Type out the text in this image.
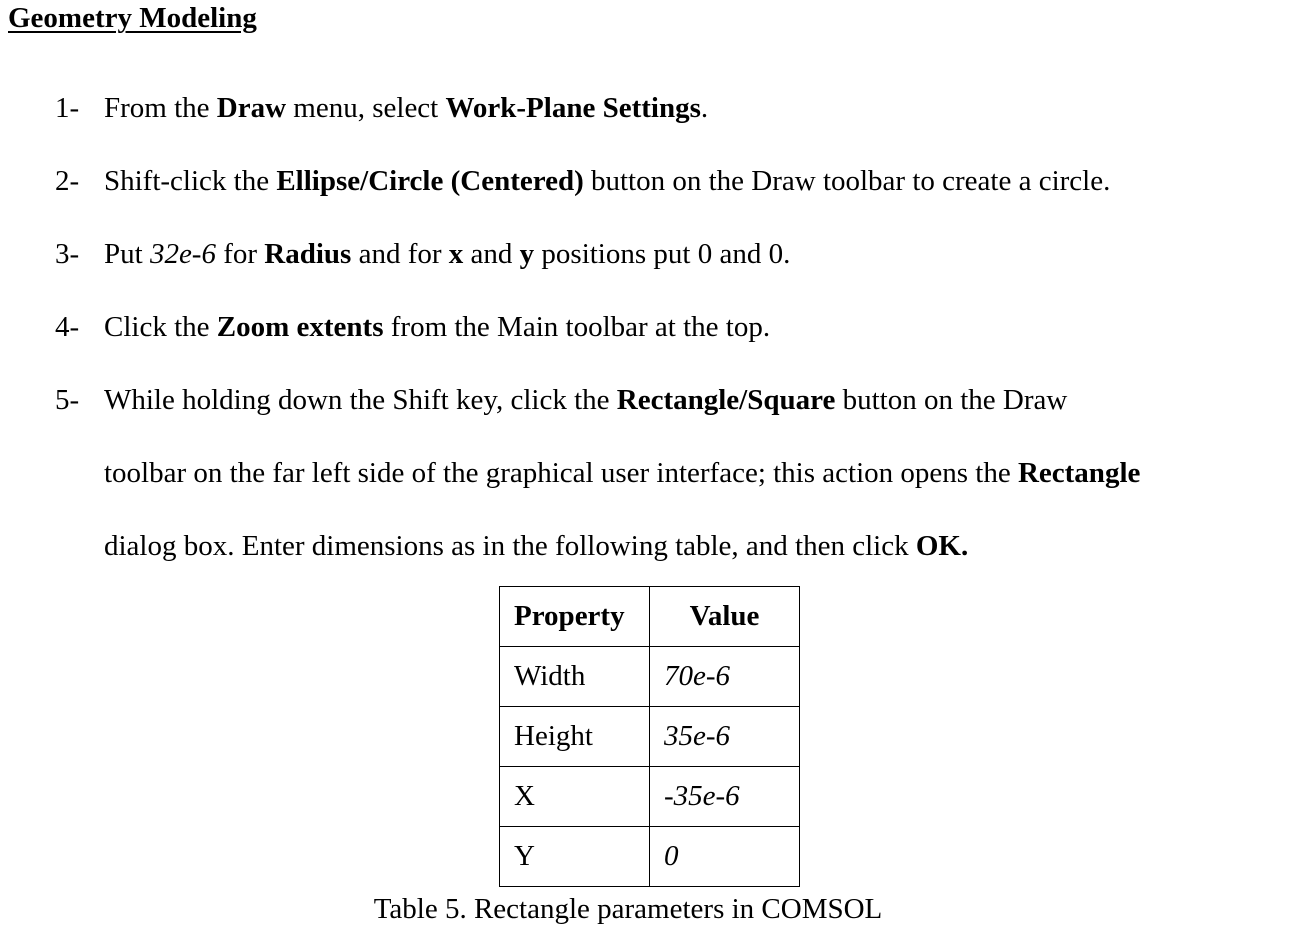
Geometry Modeling
1- From the Draw menu, select Work-Plane Settings.
2- Shift-click the Ellipse/Circle (Centered) button on the Draw toolbar to create a circle.
3- Put 32e-6 for Radius and for x and y positions put 0 and 0.
4- Click the Zoom extents from the Main toolbar at the top.
5- While holding down the Shift key, click the Rectangle/Square button on the Draw
toolbar on the far left side of the graphical user interface; this action opens the Rectangle
dialog box. Enter dimensions as in the following table, and then click OK.
Property	Value
Width	70e-6
Height	35e-6
X	-35e-6
Y	0
Table 5. Rectangle parameters in COMSOL
